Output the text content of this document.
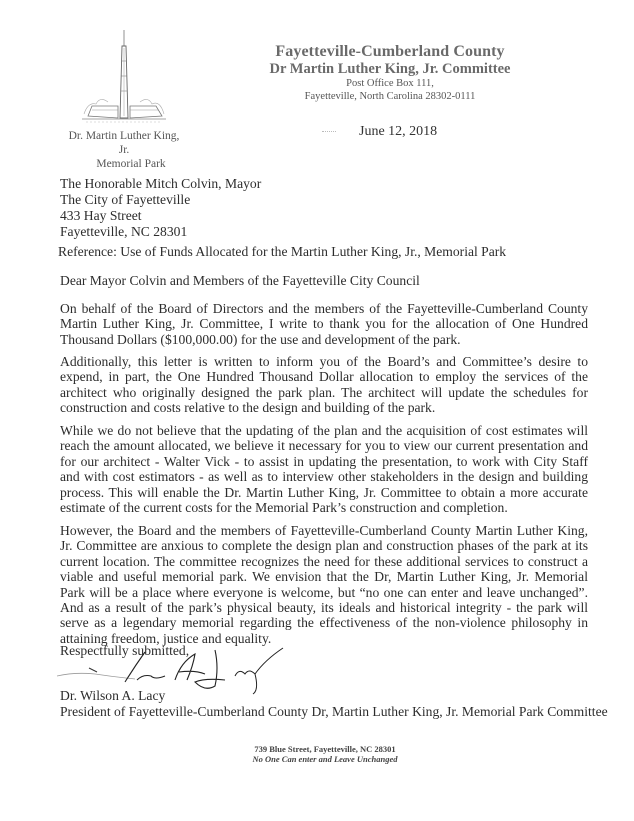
Dr. Martin Luther King, Jr.
Memorial Park
Fayetteville-Cumberland County
Dr Martin Luther King, Jr. Committee
Post Office Box 111,
Fayetteville, North Carolina 28302-0111
June 12, 2018
The Honorable Mitch Colvin, Mayor
The City of Fayetteville
433 Hay Street
Fayetteville, NC 28301
Reference: Use of Funds Allocated for the Martin Luther King, Jr., Memorial Park
Dear Mayor Colvin and Members of the Fayetteville City Council
On behalf of the Board of Directors and the members of the Fayetteville-Cumberland County Martin Luther King, Jr. Committee, I write to thank you for the allocation of One Hundred Thousand Dollars ($100,000.00) for the use and development of the park.
Additionally, this letter is written to inform you of the Board’s and Committee’s desire to expend, in part, the One Hundred Thousand Dollar allocation to employ the services of the architect who originally designed the park plan. The architect will update the schedules for construction and costs relative to the design and building of the park.
While we do not believe that the updating of the plan and the acquisition of cost estimates will reach the amount allocated, we believe it necessary for you to view our current presentation and for our architect - Walter Vick - to assist in updating the presentation, to work with City Staff and with cost estimators - as well as to interview other stakeholders in the design and building process. This will enable the Dr. Martin Luther King, Jr. Committee to obtain a more accurate estimate of the current costs for the Memorial Park’s construction and completion.
However, the Board and the members of Fayetteville-Cumberland County Martin Luther King, Jr. Committee are anxious to complete the design plan and construction phases of the park at its current location. The committee recognizes the need for these additional services to construct a viable and useful memorial park. We envision that the Dr, Martin Luther King, Jr. Memorial Park will be a place where everyone is welcome, but “no one can enter and leave unchanged”. And as a result of the park’s physical beauty, its ideals and historical integrity - the park will serve as a legendary memorial regarding the effectiveness of the non-violence philosophy in attaining freedom, justice and equality.
Respectfully submitted,
Dr. Wilson A. Lacy
President of Fayetteville-Cumberland County Dr, Martin Luther King, Jr. Memorial Park Committee
739 Blue Street, Fayetteville, NC 28301
No One Can enter and Leave Unchanged
